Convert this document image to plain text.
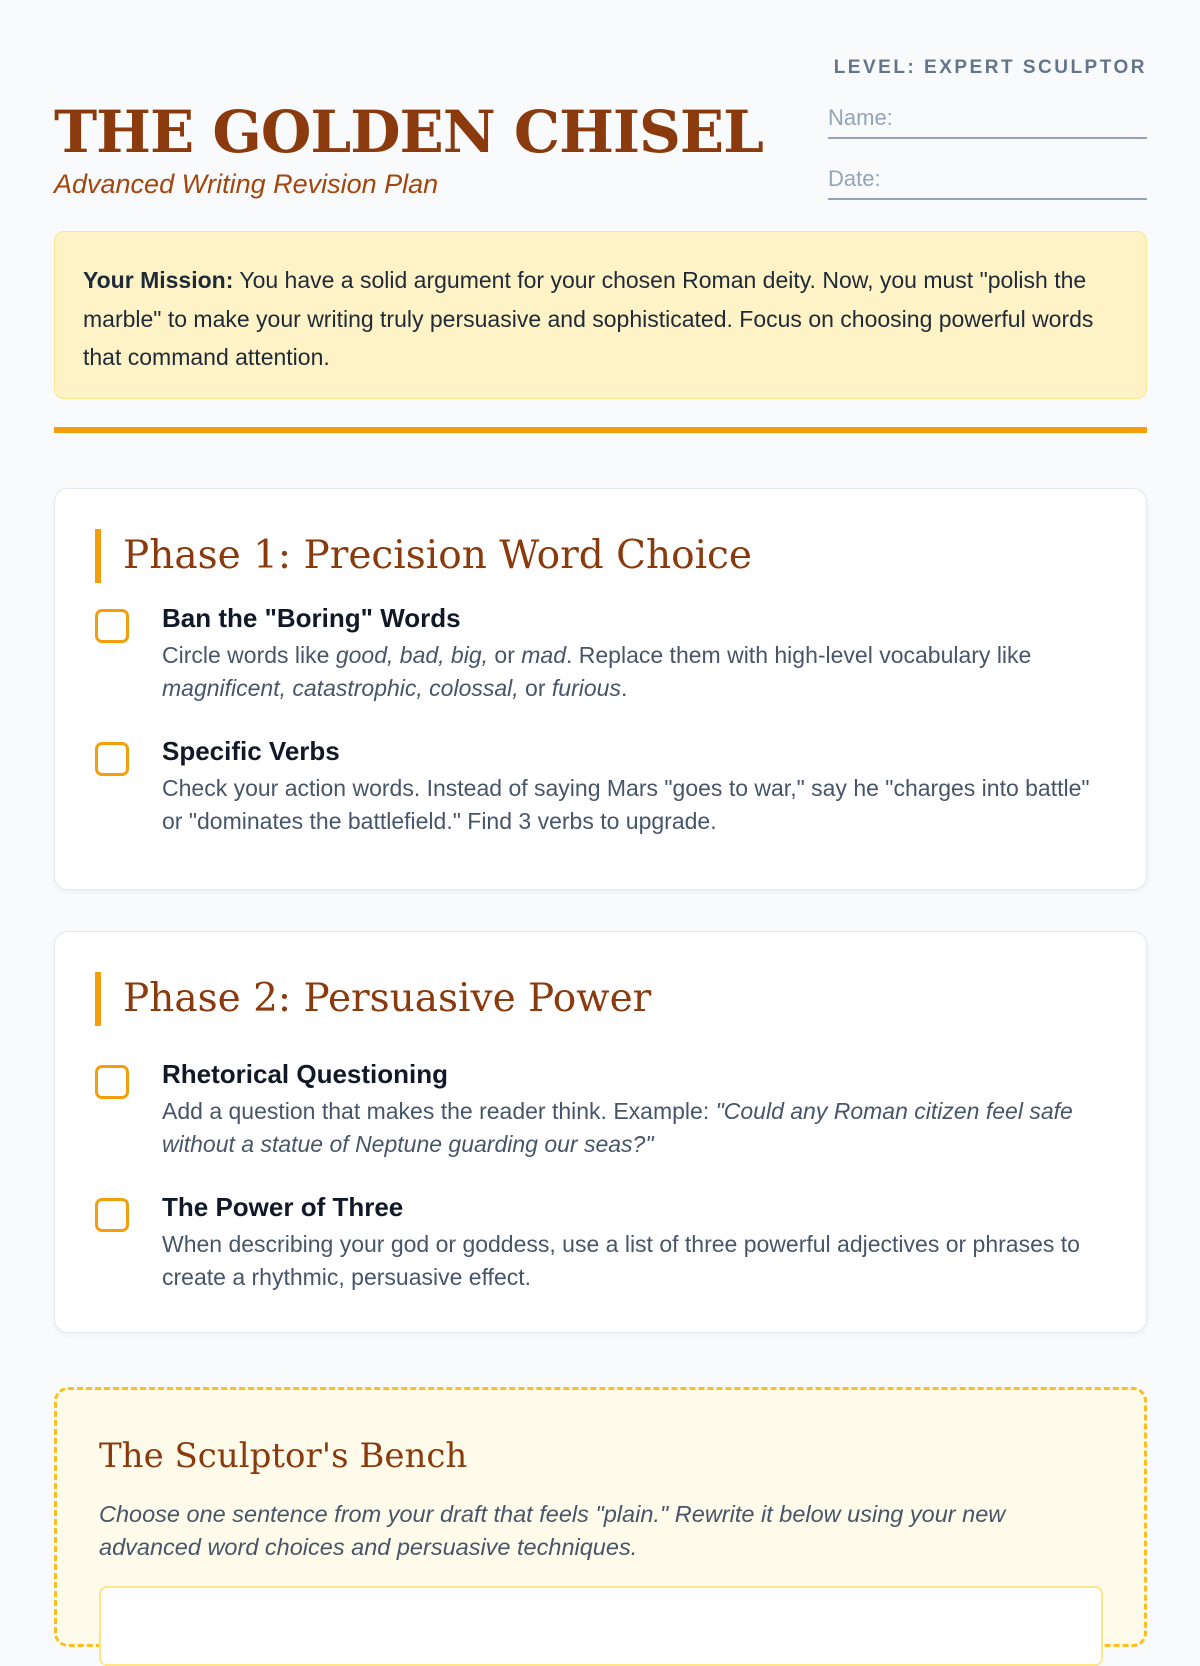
LEVEL: EXPERT SCULPTOR
THE GOLDEN CHISEL
Advanced Writing Revision Plan
Name:
Date:
Your Mission: You have a solid argument for your chosen Roman deity. Now, you must "polish the marble" to make your writing truly persuasive and sophisticated. Focus on choosing powerful words that command attention.
Phase 1: Precision Word Choice
Ban the "Boring" Words
Circle words like good, bad, big, or mad. Replace them with high-level vocabulary like magnificent, catastrophic, colossal, or furious.
Specific Verbs
Check your action words. Instead of saying Mars "goes to war," say he "charges into battle" or "dominates the battlefield." Find 3 verbs to upgrade.
Phase 2: Persuasive Power
Rhetorical Questioning
Add a question that makes the reader think. Example: "Could any Roman citizen feel safe without a statue of Neptune guarding our seas?"
The Power of Three
When describing your god or goddess, use a list of three powerful adjectives or phrases to create a rhythmic, persuasive effect.
The Sculptor's Bench
Choose one sentence from your draft that feels "plain." Rewrite it below using your new advanced word choices and persuasive techniques.
